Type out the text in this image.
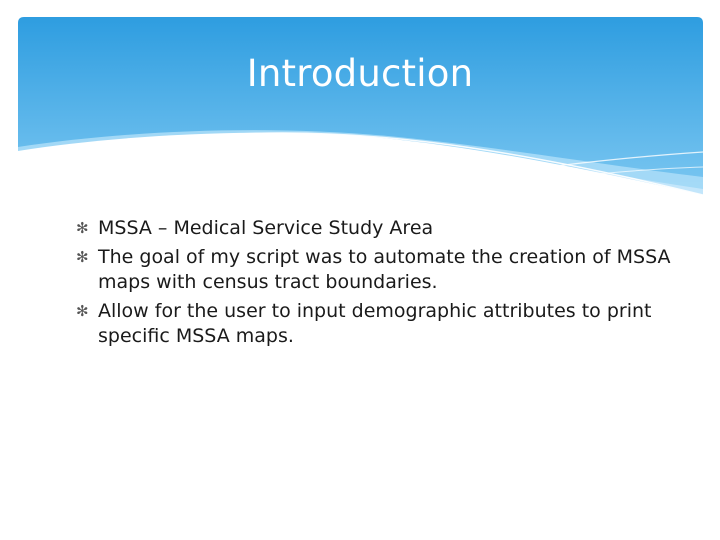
Introduction
✻ MSSA – Medical Service Study Area
✻ The goal of my script was to automate the creation of MSSA maps with census tract boundaries.
✻ Allow for the user to input demographic attributes to print specific MSSA maps.
